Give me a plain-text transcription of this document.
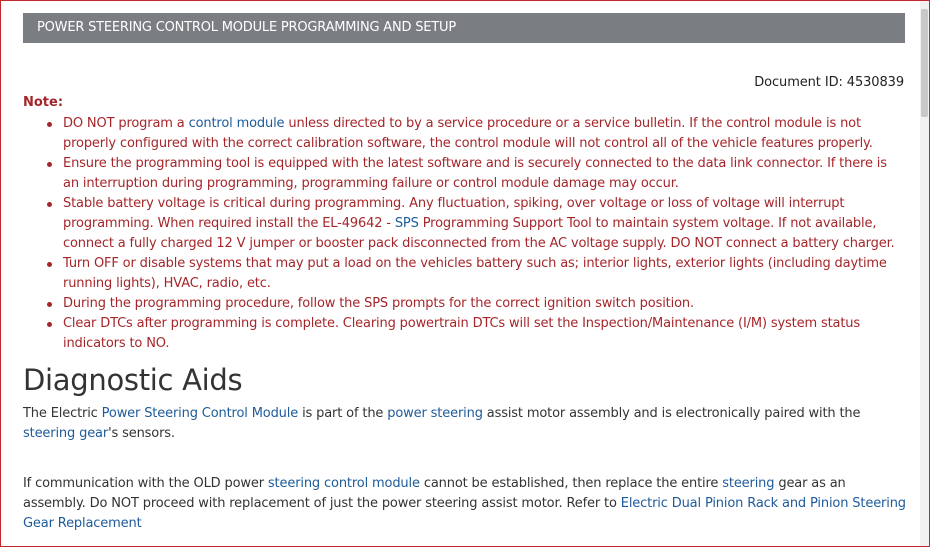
POWER STEERING CONTROL MODULE PROGRAMMING AND SETUP
Document ID: 4530839
Note:
DO NOT program a control module unless directed to by a service procedure or a service bulletin. If the control module is not properly configured with the correct calibration software, the control module will not control all of the vehicle features properly.
Ensure the programming tool is equipped with the latest software and is securely connected to the data link connector. If there is an interruption during programming, programming failure or control module damage may occur.
Stable battery voltage is critical during programming. Any fluctuation, spiking, over voltage or loss of voltage will interrupt programming. When required install the EL-49642 - SPS Programming Support Tool to maintain system voltage. If not available, connect a fully charged 12 V jumper or booster pack disconnected from the AC voltage supply. DO NOT connect a battery charger.
Turn OFF or disable systems that may put a load on the vehicles battery such as; interior lights, exterior lights (including daytime running lights), HVAC, radio, etc.
During the programming procedure, follow the SPS prompts for the correct ignition switch position.
Clear DTCs after programming is complete. Clearing powertrain DTCs will set the Inspection/Maintenance (I/M) system status indicators to NO.
Diagnostic Aids

The Electric Power Steering Control Module is part of the power steering assist motor assembly and is electronically paired with the steering gear's sensors.

If communication with the OLD power steering control module cannot be established, then replace the entire steering gear as an assembly. Do NOT proceed with replacement of just the power steering assist motor. Refer to Electric Dual Pinion Rack and Pinion Steering Gear Replacement
